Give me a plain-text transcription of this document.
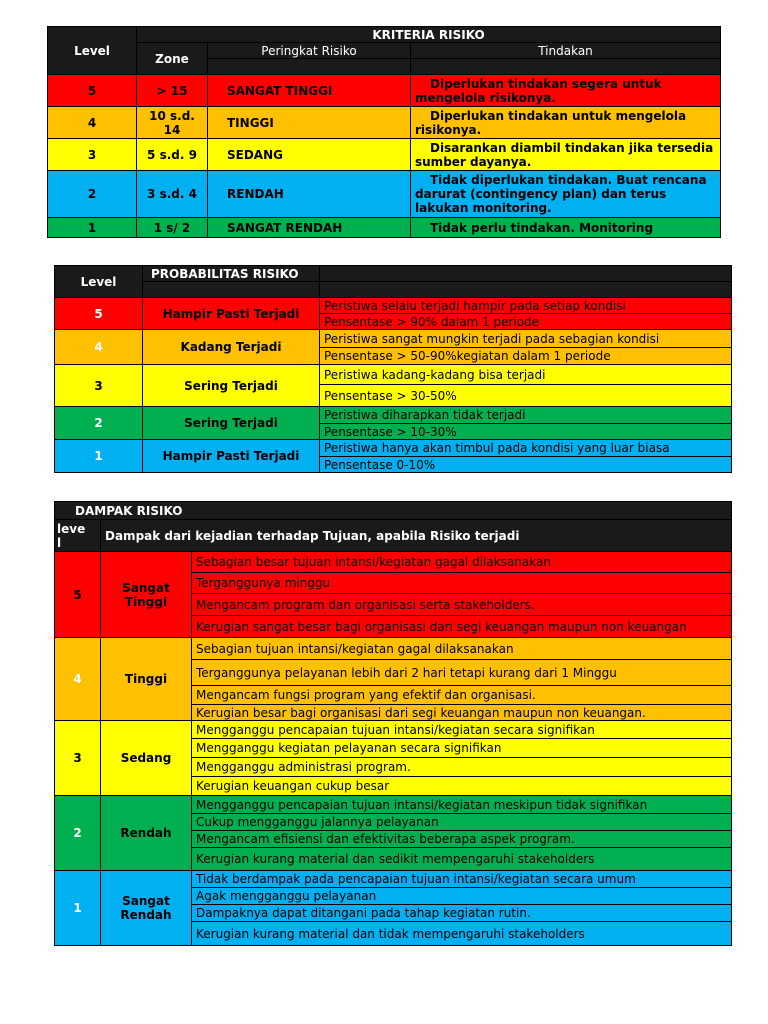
Level	KRITERIA RISIKO		
	Zone	Peringkat Risiko	Tindakan

5	> 15	SANGAT TINGGI	Diperlukan tindakan segera untuk mengelola risikonya.

4	10 s.d. 14	TINGGI	Diperlukan tindakan untuk mengelola risikonya.

3	5 s.d. 9	SEDANG	Disarankan diambil tindakan jika tersedia sumber dayanya.

2	3 s.d. 4	RENDAH	Tidak diperlukan tindakan. Buat rencana darurat (contingency plan) dan terus lakukan monitoring.

1	1 s/ 2	SANGAT RENDAH	Tidak perlu tindakan. Monitoring
Level	PROBABILITAS RISIKO	

5	Hampir Pasti Terjadi	Peristiwa selalu terjadi hampir pada setiap kondisi
		Pensentase > 90% dalam 1 periode
4	Kadang Terjadi	Peristiwa sangat mungkin terjadi pada sebagian kondisi
		Pensentase > 50-90%kegiatan dalam 1 periode
3	Sering Terjadi	Peristiwa kadang-kadang bisa terjadi
		Pensentase > 30-50%
2	Sering Terjadi	Peristiwa diharapkan tidak terjadi
		Pensentase > 10-30%
1	Hampir Pasti Terjadi	Peristiwa hanya akan timbul pada kondisi yang luar biasa
		Pensentase 0-10%
DAMPAK RISIKO		

leve l	Dampak dari kejadian terhadap Tujuan, apabila Risiko terjadi	
5	Sangat Tinggi	Sebagian besar tujuan intansi/kegiatan gagal dilaksanakan
		Terganggunya minggu
		Mengancam program dan organisasi serta stakeholders.
		Kerugian sangat besar bagi organisasi dari segi keuangan maupun non keuangan
4	Tinggi	Sebagian tujuan intansi/kegiatan gagal dilaksanakan
		Terganggunya pelayanan lebih dari 2 hari tetapi kurang dari 1 Minggu
		Mengancam fungsi program yang efektif dan organisasi.
		Kerugian besar bagi organisasi dari segi keuangan maupun non keuangan.
3	Sedang	Mengganggu pencapaian tujuan intansi/kegiatan secara signifikan
		Mengganggu kegiatan pelayanan secara signifikan
		Mengganggu administrasi program.
		Kerugian keuangan cukup besar
2	Rendah	Mengganggu pencapaian tujuan intansi/kegiatan meskipun tidak signifikan
		Cukup mengganggu jalannya pelayanan
		Mengancam efisiensi dan efektivitas beberapa aspek program.
		Kerugian kurang material dan sedikit mempengaruhi stakeholders
1	Sangat Rendah	Tidak berdampak pada pencapaian tujuan intansi/kegiatan secara umum
		Agak mengganggu pelayanan
		Dampaknya dapat ditangani pada tahap kegiatan rutin.
		Kerugian kurang material dan tidak mempengaruhi stakeholders
